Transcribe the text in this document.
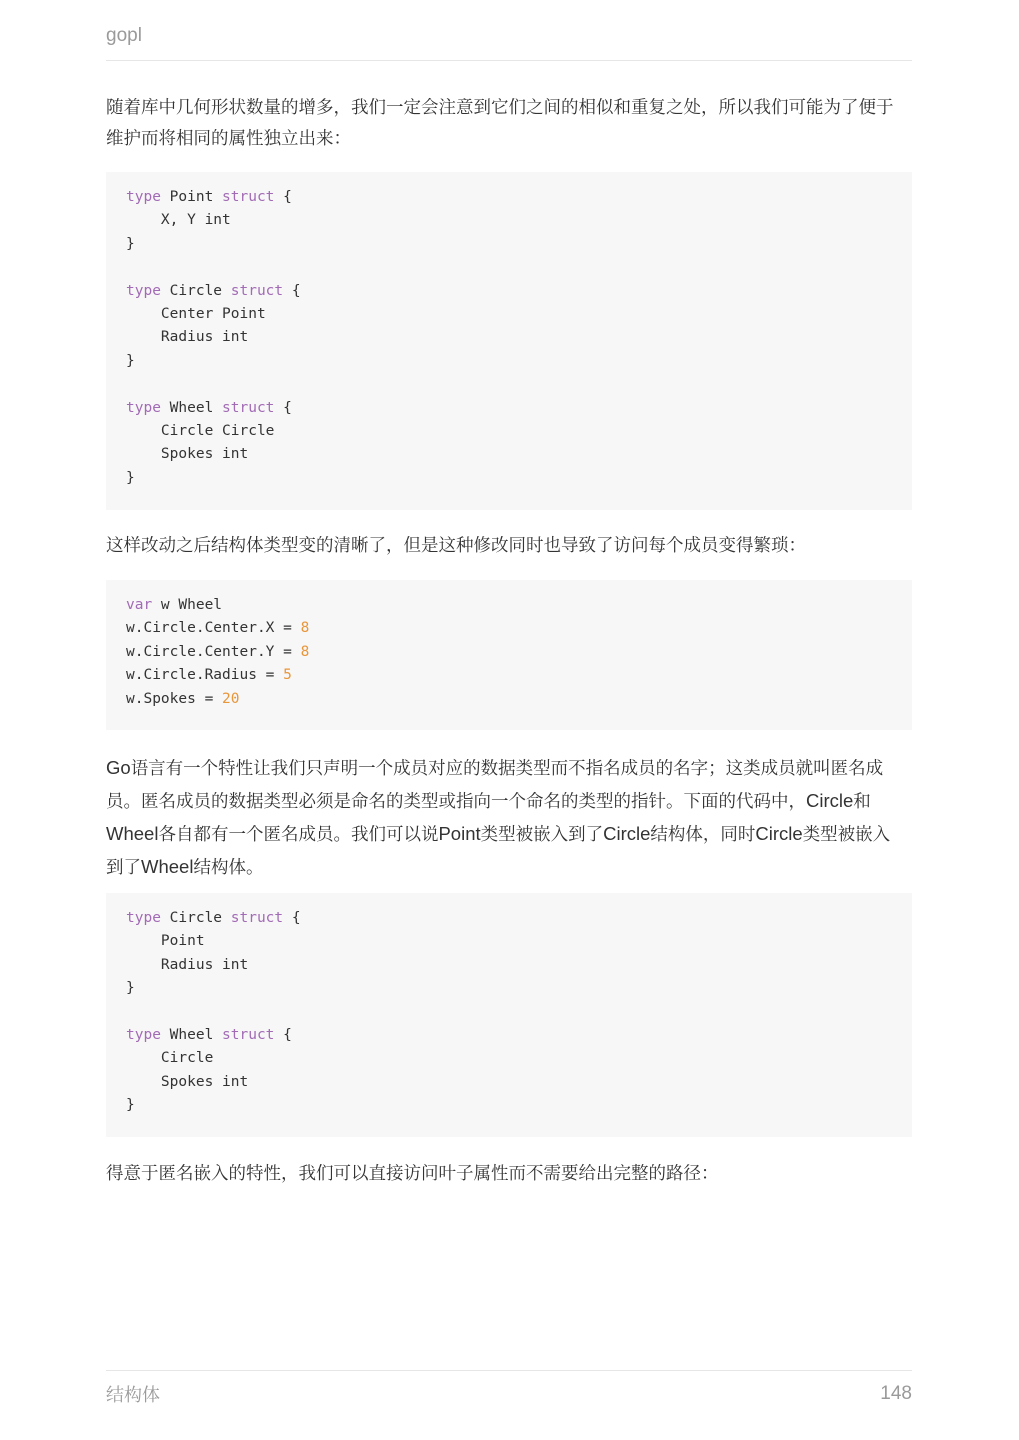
gopl

随着库中几何形状数量的增多，我们一定会注意到它们之间的相似和重复之处，所以我们可能为了便于维护而将相同的属性独立出来：

type Point struct {
X, Y int
}
type Circle struct {
Center Point
Radius int
}
type Wheel struct {
Circle Circle
Spokes int
}

这样改动之后结构体类型变的清晰了，但是这种修改同时也导致了访问每个成员变得繁琐：

var w Wheel
w.Circle.Center.X = 8
w.Circle.Center.Y = 8
w.Circle.Radius = 5
w.Spokes = 20

Go语言有一个特性让我们只声明一个成员对应的数据类型而不指名成员的名字；这类成员就叫匿名成员。匿名成员的数据类型必须是命名的类型或指向一个命名的类型的指针。下面的代码中，Circle和Wheel各自都有一个匿名成员。我们可以说Point类型被嵌入到了Circle结构体，同时Circle类型被嵌入到了Wheel结构体。

type Circle struct {
Point
Radius int
}
type Wheel struct {
Circle
Spokes int
}

得意于匿名嵌入的特性，我们可以直接访问叶子属性而不需要给出完整的路径：

结构体	148
